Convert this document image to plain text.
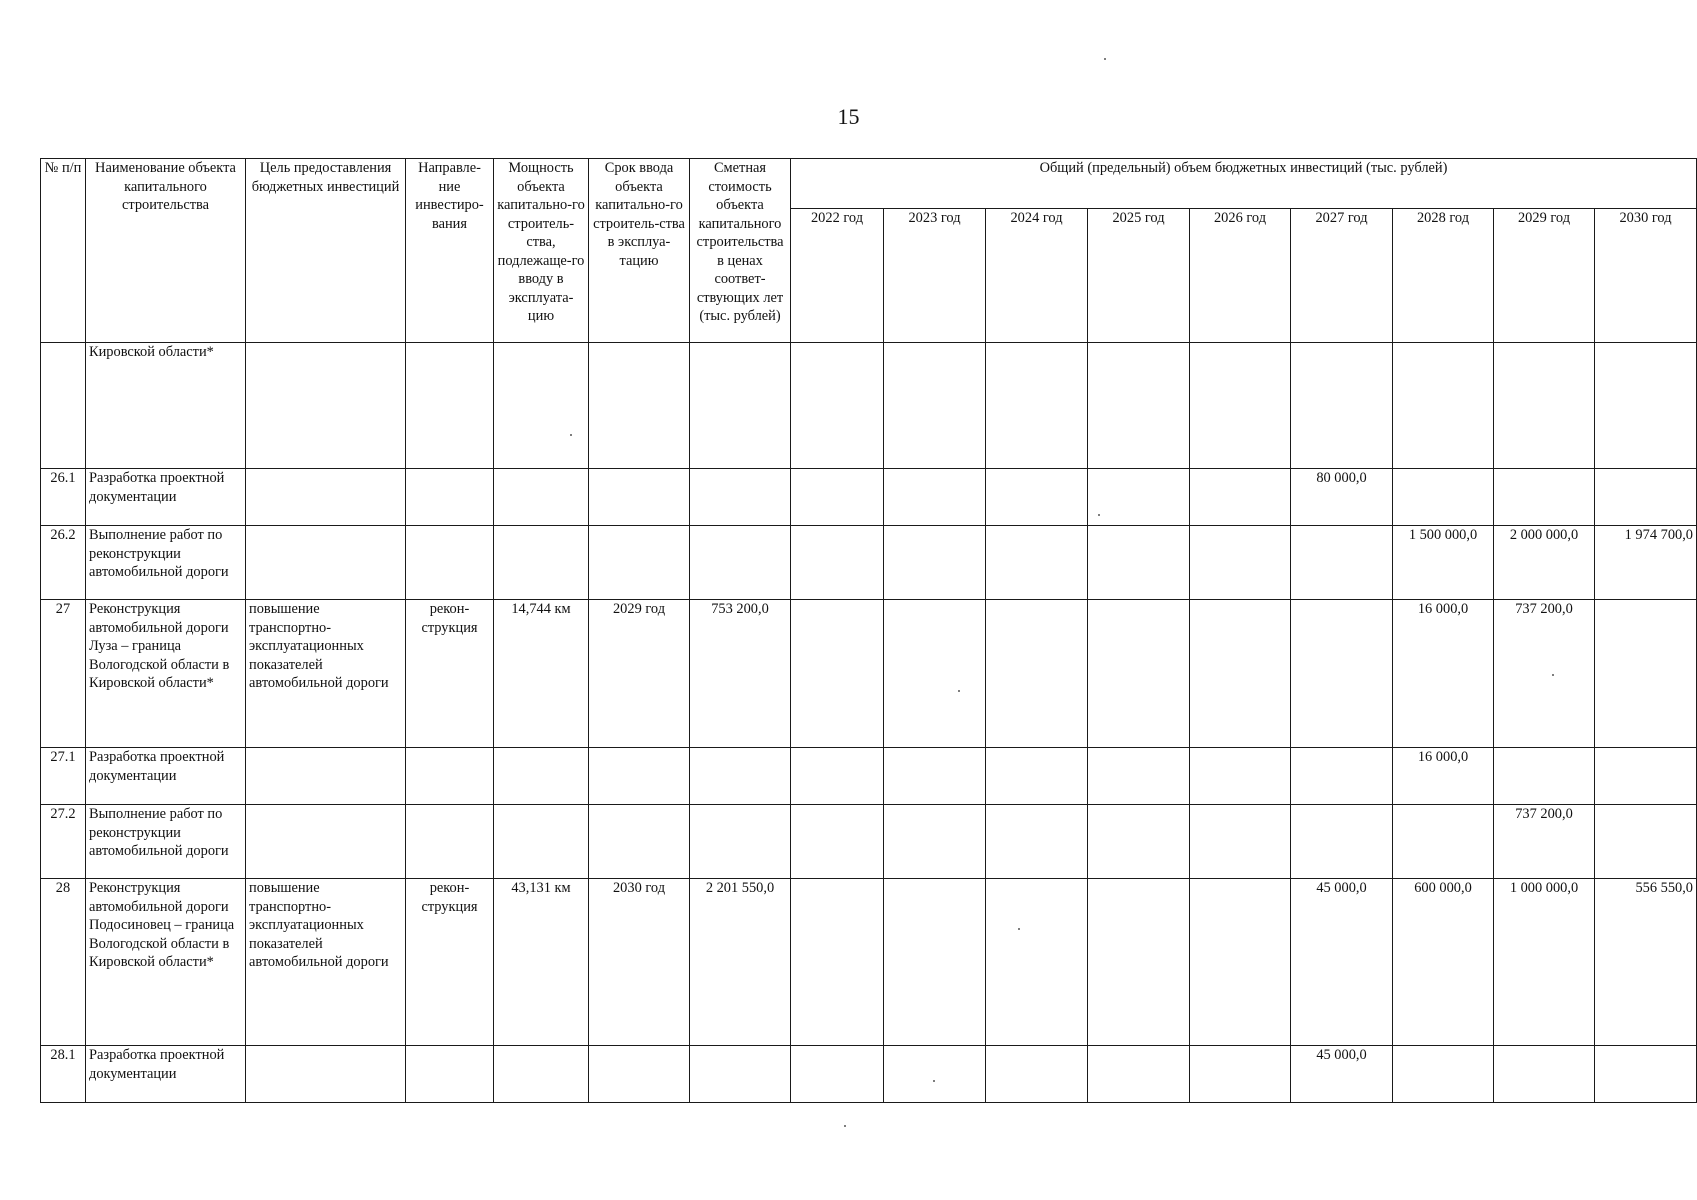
15
№ п/п	Наименование объекта капитального строительства	Цель предоставления бюджетных инвестиций	Направле-ние инвестиро-вания	Мощность объекта капитально-го строитель-ства, подлежаще-го вводу в эксплуата-цию	Срок ввода объекта капитально-го строитель-ства в эксплуа-тацию	Сметная стоимость объекта капитального строительства в ценах соответ-ствующих лет (тыс. рублей)	Общий (предельный) объем бюджетных инвестиций (тыс. рублей)								
							2022 год	2023 год	2024 год	2025 год	2026 год	2027 год	2028 год	2029 год	2030 год
	Кировской области*														
26.1	Разработка проектной документации											80 000,0			
26.2	Выполнение работ по реконструкции автомобильной дороги												1 500 000,0	2 000 000,0	1 974 700,0
27	Реконструкция автомобильной дороги Луза – граница Вологодской области в Кировской области*	повышение транспортно-эксплуатационных показателей автомобильной дороги	рекон-струкция	14,744 км	2029 год	753 200,0							16 000,0	737 200,0	
27.1	Разработка проектной документации												16 000,0		
27.2	Выполнение работ по реконструкции автомобильной дороги													737 200,0	
28	Реконструкция автомобильной дороги Подосиновец – граница Вологодской области в Кировской области*	повышение транспортно-эксплуатационных показателей автомобильной дороги	рекон-струкция	43,131 км	2030 год	2 201 550,0						45 000,0	600 000,0	1 000 000,0	556 550,0
28.1	Разработка проектной документации											45 000,0			
